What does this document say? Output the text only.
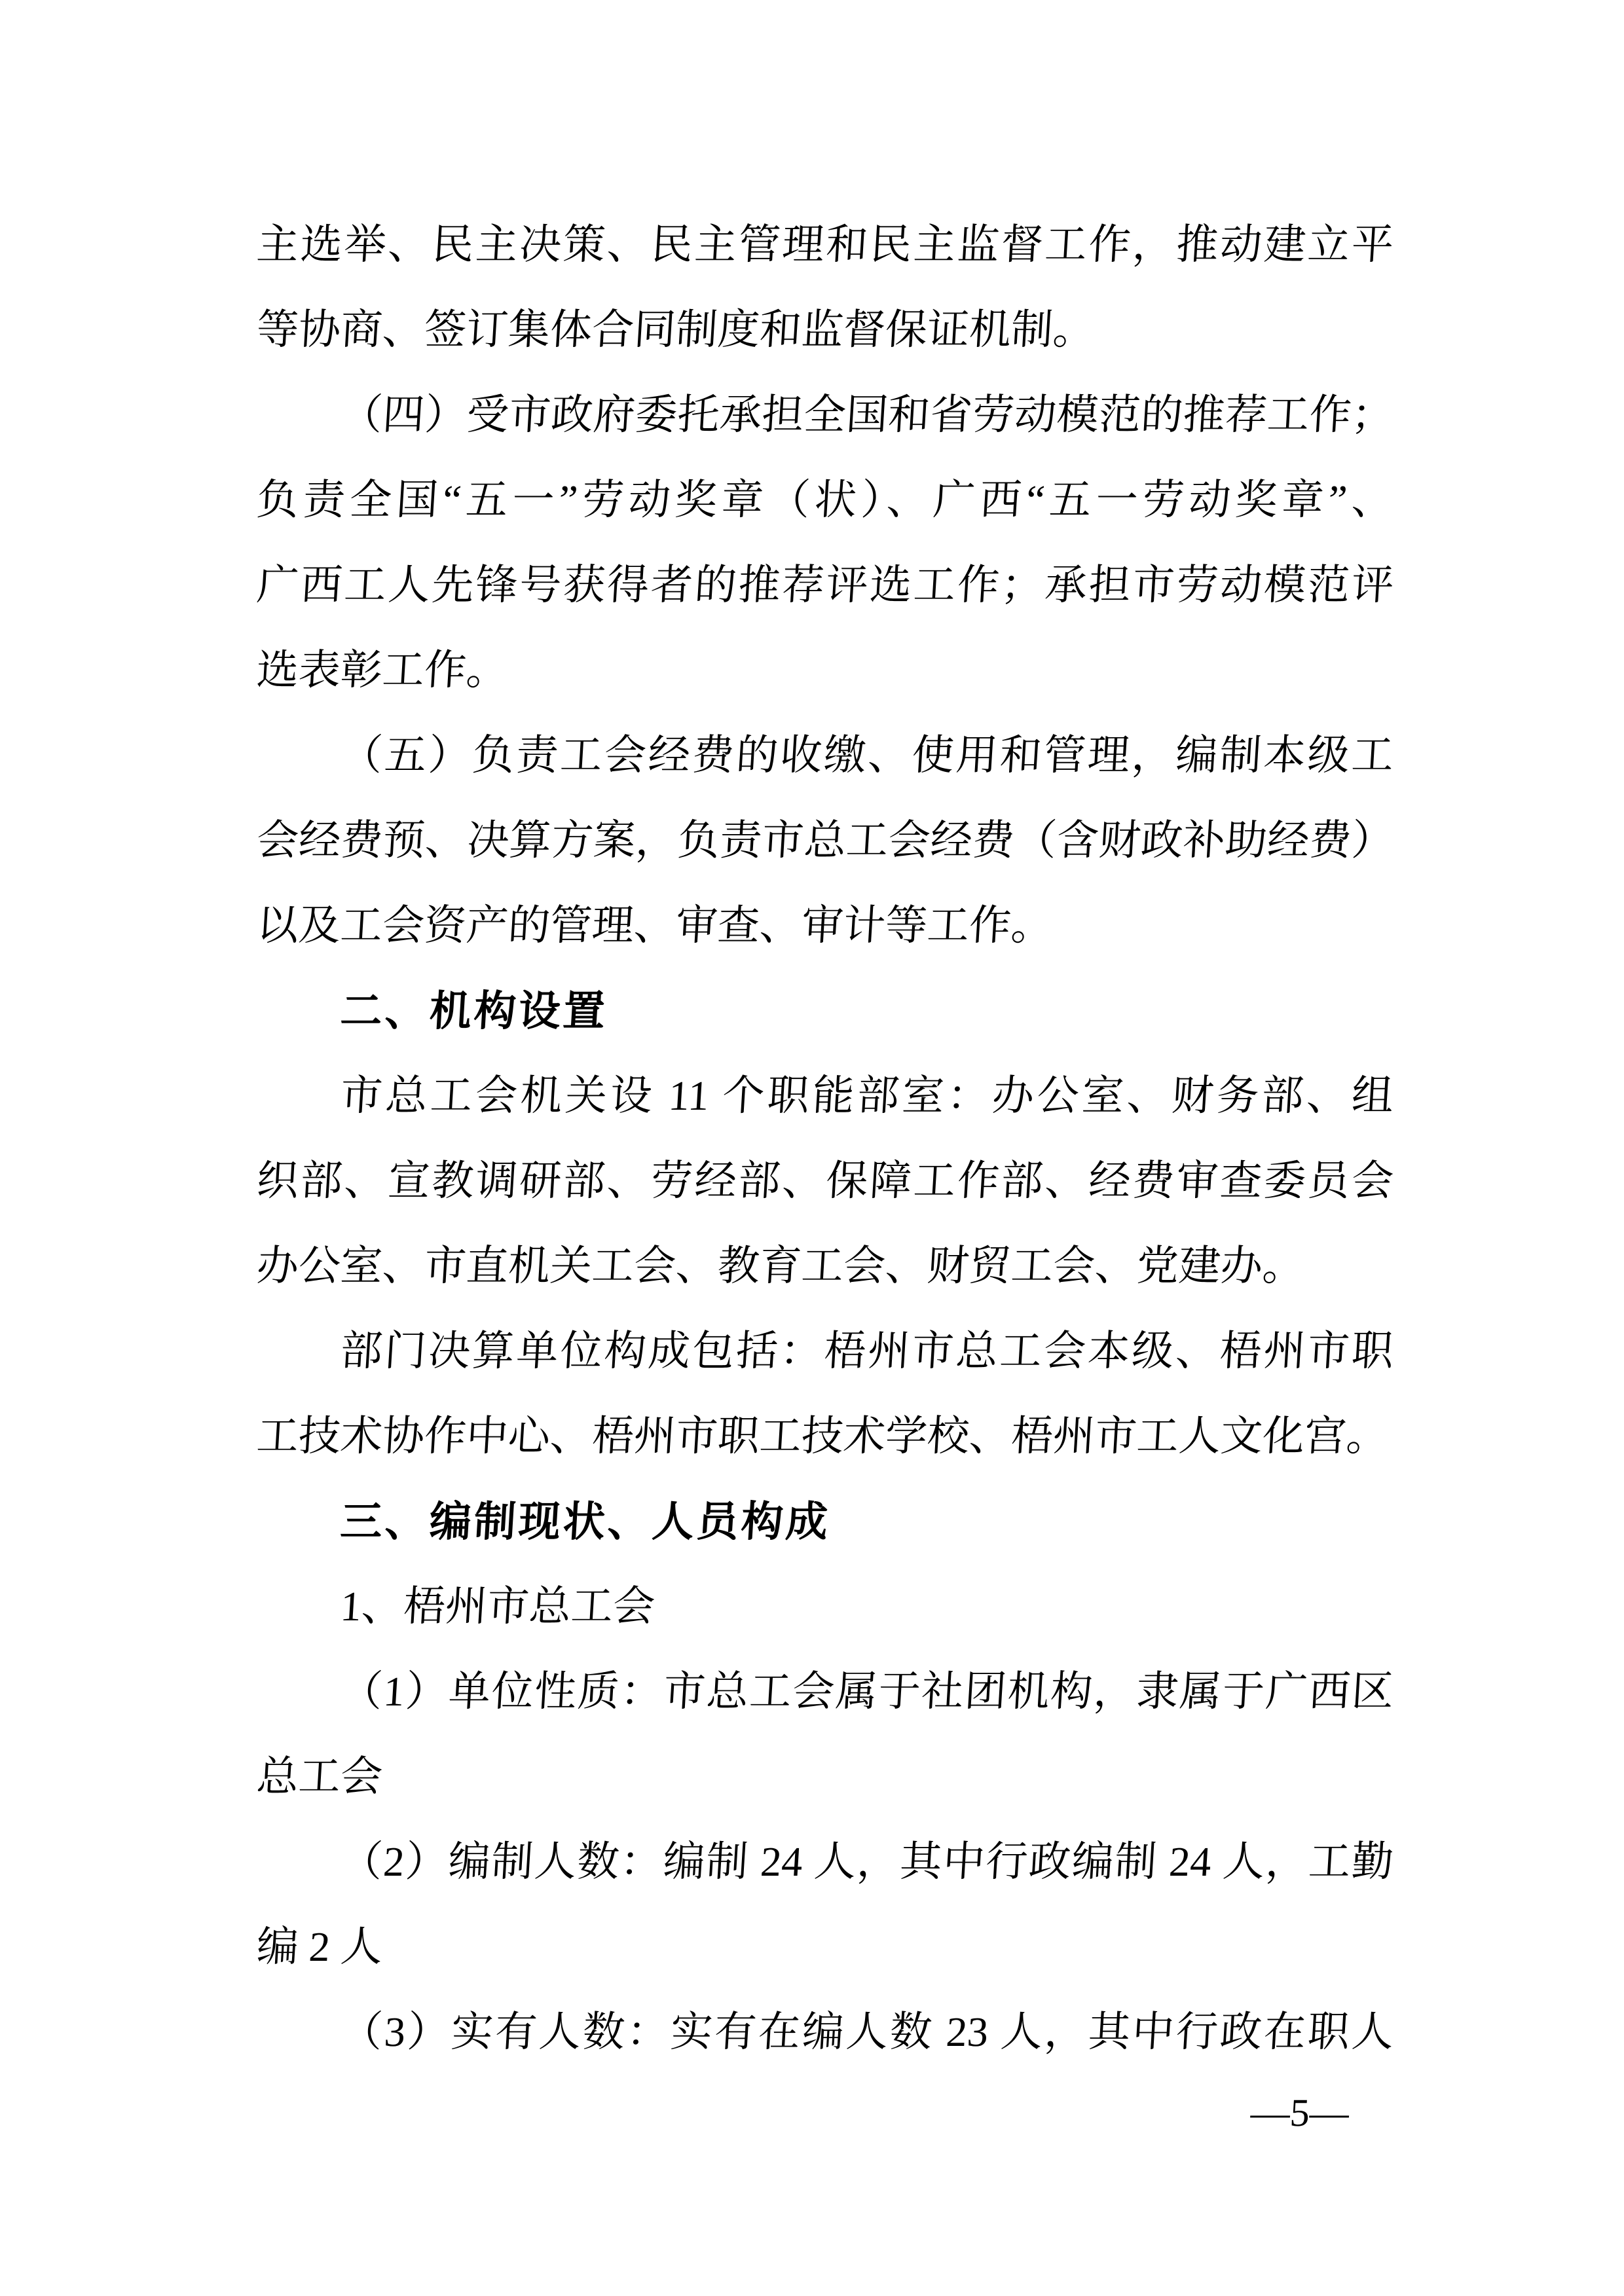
主选举、民主决策、民主管理和民主监督工作，推动建立平
等协商、签订集体合同制度和监督保证机制。
（四）受市政府委托承担全国和省劳动模范的推荐工作；
负责全国“五一”劳动奖章（状）、广西“五一劳动奖章”、
广西工人先锋号获得者的推荐评选工作；承担市劳动模范评
选表彰工作。
（五）负责工会经费的收缴、使用和管理，编制本级工
会经费预、决算方案，负责市总工会经费（含财政补助经费）
以及工会资产的管理、审查、审计等工作。
二、机构设置
市总工会机关设 11 个职能部室：办公室、财务部、组
织部、宣教调研部、劳经部、保障工作部、经费审查委员会
办公室、市直机关工会、教育工会、财贸工会、党建办。
部门决算单位构成包括：梧州市总工会本级、梧州市职
工技术协作中心、梧州市职工技术学校、梧州市工人文化宫。
三、编制现状、人员构成
1、梧州市总工会
（1）单位性质：市总工会属于社团机构，隶属于广西区
总工会
（2）编制人数：编制 24 人，其中行政编制 24 人，工勤
编 2 人
（3）实有人数：实有在编人数 23 人，其中行政在职人
—5—
